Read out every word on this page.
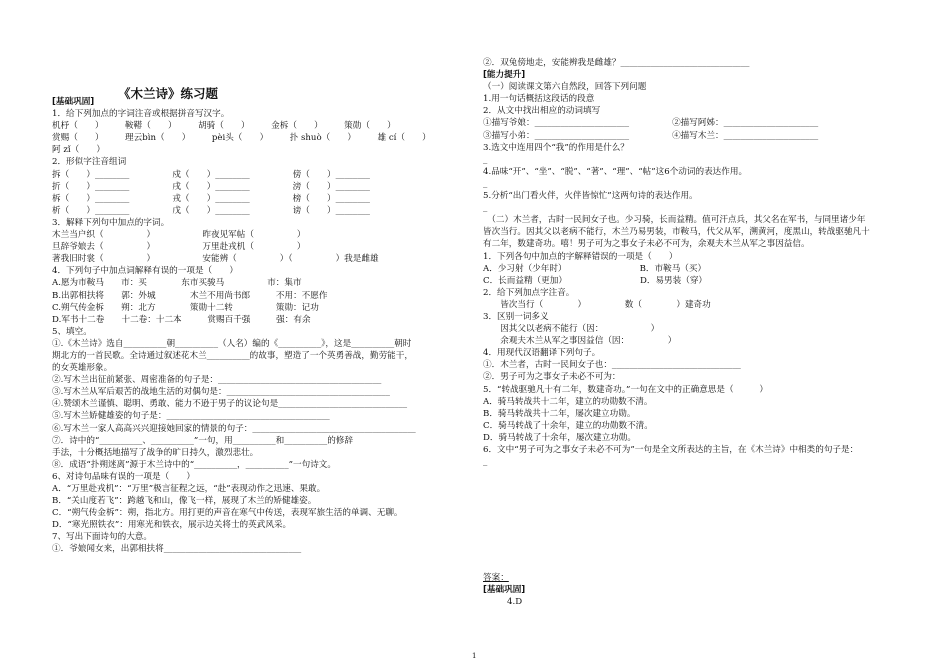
《木兰诗》练习题
[基础巩固]
1．给下列加点的字词注音或根据拼音写汉字。
机杼（　　）　　　鞍鞯（　　）　　　胡骑（　　）　　　金柝（　　）　　　策勋（　　）
赏赐（　　）　　　理云bìn（　　）　　　pèi头（　　）　　　扑 shuò（　　）　　　雄 cí（　　）
阿 zǐ（　　）
2．形似字注音组词
拆（　　）________　　　　　戍（　　）________　　　　　傍（　　）________
折（　　）________　　　　　戌（　　）________　　　　　滂（　　）________
柝（　　）________　　　　　戎（　　）________　　　　　榜（　　）________
析（　　）________　　　　　戊（　　）________　　　　　谤（　　）________
3．解释下列句中加点的字词。
木兰当户织（　　　　　）　　　　　　昨夜见军帖（　　　　　）
旦辞爷娘去（　　　　　）　　　　　　万里赴戎机（　　　　　）
著我旧时裳（　　　　　）　　　　　　安能辨（　　　　　）（　　　　　）我是雌雄
4．下列句子中加点词解释有误的一项是（　　）
A.愿为市鞍马　　市：买　　　　东市买骏马　　　　　市：集市
B.出郭相扶将　　郭：外城　　　　木兰不用尚书郎　　　不用：不愿作
C.朔气传金柝　　朔：北方　　　　策勋十二转　　　　　策勋：记功
D.军书十二卷　　十二卷：十二本　　　赏赐百千强　　　强：有余
5、填空。
①.《木兰诗》选自__________朝__________（人名）编的《__________》，这是__________朝时
期北方的一首民歌。全诗通过叙述花木兰__________的故事，塑造了一个英勇善战，勤劳能干，
的女英雄形象。
②.写木兰出征前紧张、周密准备的句子是：______________________________________
③.写木兰从军后艰苦的战地生活的对偶句是：______________________________________
④.赞颂木兰谨慎、聪明、勇敢、能力不逊于男子的议论句是______________________________
⑤.写木兰娇健雄姿的句子是：______________________________________
⑥.写木兰一家人高高兴兴迎接她回家的情景的句子：______________________________________
⑦．诗中的“__________、__________”一句，用__________和__________的修辞
手法，十分概括地描写了战争的旷日持久，激烈悲壮。
⑧．成语“扑朔迷离”源于木兰诗中的“__________，__________”一句诗文。
6、对诗句品味有误的一项是（　　）
A．“万里赴戎机”：“万里”极言征程之远，“赴”表现动作之迅速、果敢。
B．“关山度若飞”：跨越飞和山，像飞一样，展现了木兰的矫健雄姿。
C．“朔气传金柝”：朔，指北方。用打更的声音在寒气中传送，表现军旅生活的单调、无聊。
D．“寒光照铁衣”：用寒光和铁衣，展示边关将士的英武风采。
7、写出下面诗句的大意。
①．爷娘闻女来，出郭相扶将________________________________
②．双兔傍地走，安能辨我是雌雄？______________________________
[能力提升]
（一）阅读课文第六自然段，回答下列问题
1.用一句话概括这段话的段意
2．从文中找出相应的动词填写
①描写爷娘：______________________　　　　　②描写阿姊：______________________
③描写小弟：______________________　　　　　④描写木兰：______________________
3.选文中连用四个“我”的作用是什么？
_
4.品味“开”、“坐”、“脱”、“著”、“理”、“帖”这6个动词的表达作用。
_
5.分析“出门看火伴，火伴皆惊忙”这两句诗的表达作用。
_
　（二）木兰者，古时一民间女子也。少习骑，长而益精。值可汗点兵，其父名在军书，与同里诸少年
皆次当行。因其父以老病不能行，木兰乃易男装，市鞍马，代父从军，溯黄河，度黑山，转战驱驰凡十
有二年，数建奇功。嘻！男子可为之事女子未必不可为，余观夫木兰从军之事因益信。
1．下列各句中加点的字解释错误的一项是（　　）
A．少习射（少年时）　　　　　　　　　B．市鞍马（买）
C．长而益精（更加）　　　　　　　　　D．易男装（穿）
2．给下列加点字注音。
　　皆次当行（　　　　）　　　　　数（　　　　）建奇功
3．区别一词多义
　　因其父以老病不能行（因：　　　　　　）
　　余观夫木兰从军之事因益信（因：　　　　　）
4．用现代汉语翻译下列句子。
①．木兰者，古时一民间女子也：______________________________
②．男子可为之事女子未必不可为：
5．“转战驱驰凡十有二年，数建奇功。”一句在文中的正确意思是（　　　）
A．骑马转战共十二年，建立的功勋数不清。
B．骑马转战共十二年，屡次建立功勋。
C．骑马转战了十余年，建立的功勋数不清。
D．骑马转战了十余年，屡次建立功勋。
6．文中“男子可为之事女子未必不可为”一句是全文所表达的主旨，在《木兰诗》中相类的句子是：
_
答案：
[基础巩固]
4.D
1
